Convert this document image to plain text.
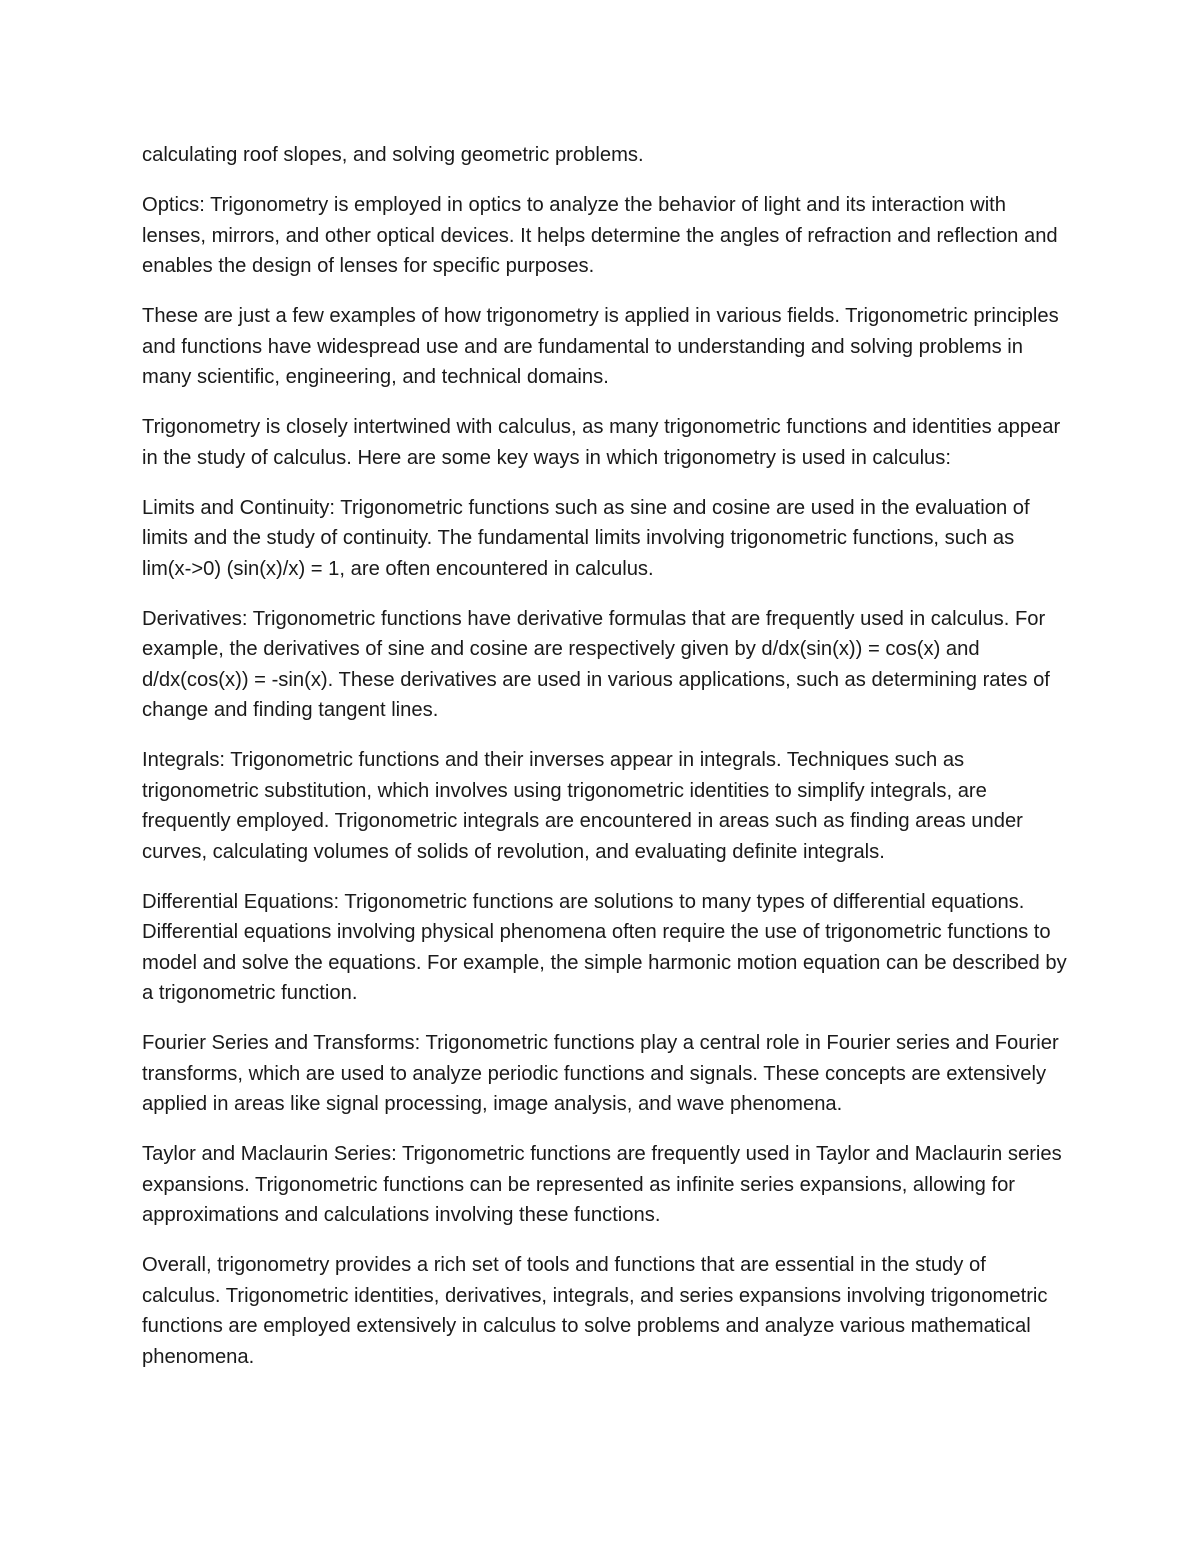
calculating roof slopes, and solving geometric problems.

Optics: Trigonometry is employed in optics to analyze the behavior of light and its interaction with lenses, mirrors, and other optical devices. It helps determine the angles of refraction and reflection and enables the design of lenses for specific purposes.

These are just a few examples of how trigonometry is applied in various fields. Trigonometric principles and functions have widespread use and are fundamental to understanding and solving problems in many scientific, engineering, and technical domains.

Trigonometry is closely intertwined with calculus, as many trigonometric functions and identities appear in the study of calculus. Here are some key ways in which trigonometry is used in calculus:

Limits and Continuity: Trigonometric functions such as sine and cosine are used in the evaluation of limits and the study of continuity. The fundamental limits involving trigonometric functions, such as lim(x->0) (sin(x)/x) = 1, are often encountered in calculus.

Derivatives: Trigonometric functions have derivative formulas that are frequently used in calculus. For example, the derivatives of sine and cosine are respectively given by d/dx(sin(x)) = cos(x) and d/dx(cos(x)) = -sin(x). These derivatives are used in various applications, such as determining rates of change and finding tangent lines.

Integrals: Trigonometric functions and their inverses appear in integrals. Techniques such as trigonometric substitution, which involves using trigonometric identities to simplify integrals, are frequently employed. Trigonometric integrals are encountered in areas such as finding areas under curves, calculating volumes of solids of revolution, and evaluating definite integrals.

Differential Equations: Trigonometric functions are solutions to many types of differential equations. Differential equations involving physical phenomena often require the use of trigonometric functions to model and solve the equations. For example, the simple harmonic motion equation can be described by a trigonometric function.

Fourier Series and Transforms: Trigonometric functions play a central role in Fourier series and Fourier transforms, which are used to analyze periodic functions and signals. These concepts are extensively applied in areas like signal processing, image analysis, and wave phenomena.

Taylor and Maclaurin Series: Trigonometric functions are frequently used in Taylor and Maclaurin series expansions. Trigonometric functions can be represented as infinite series expansions, allowing for approximations and calculations involving these functions.

Overall, trigonometry provides a rich set of tools and functions that are essential in the study of calculus. Trigonometric identities, derivatives, integrals, and series expansions involving trigonometric functions are employed extensively in calculus to solve problems and analyze various mathematical phenomena.
